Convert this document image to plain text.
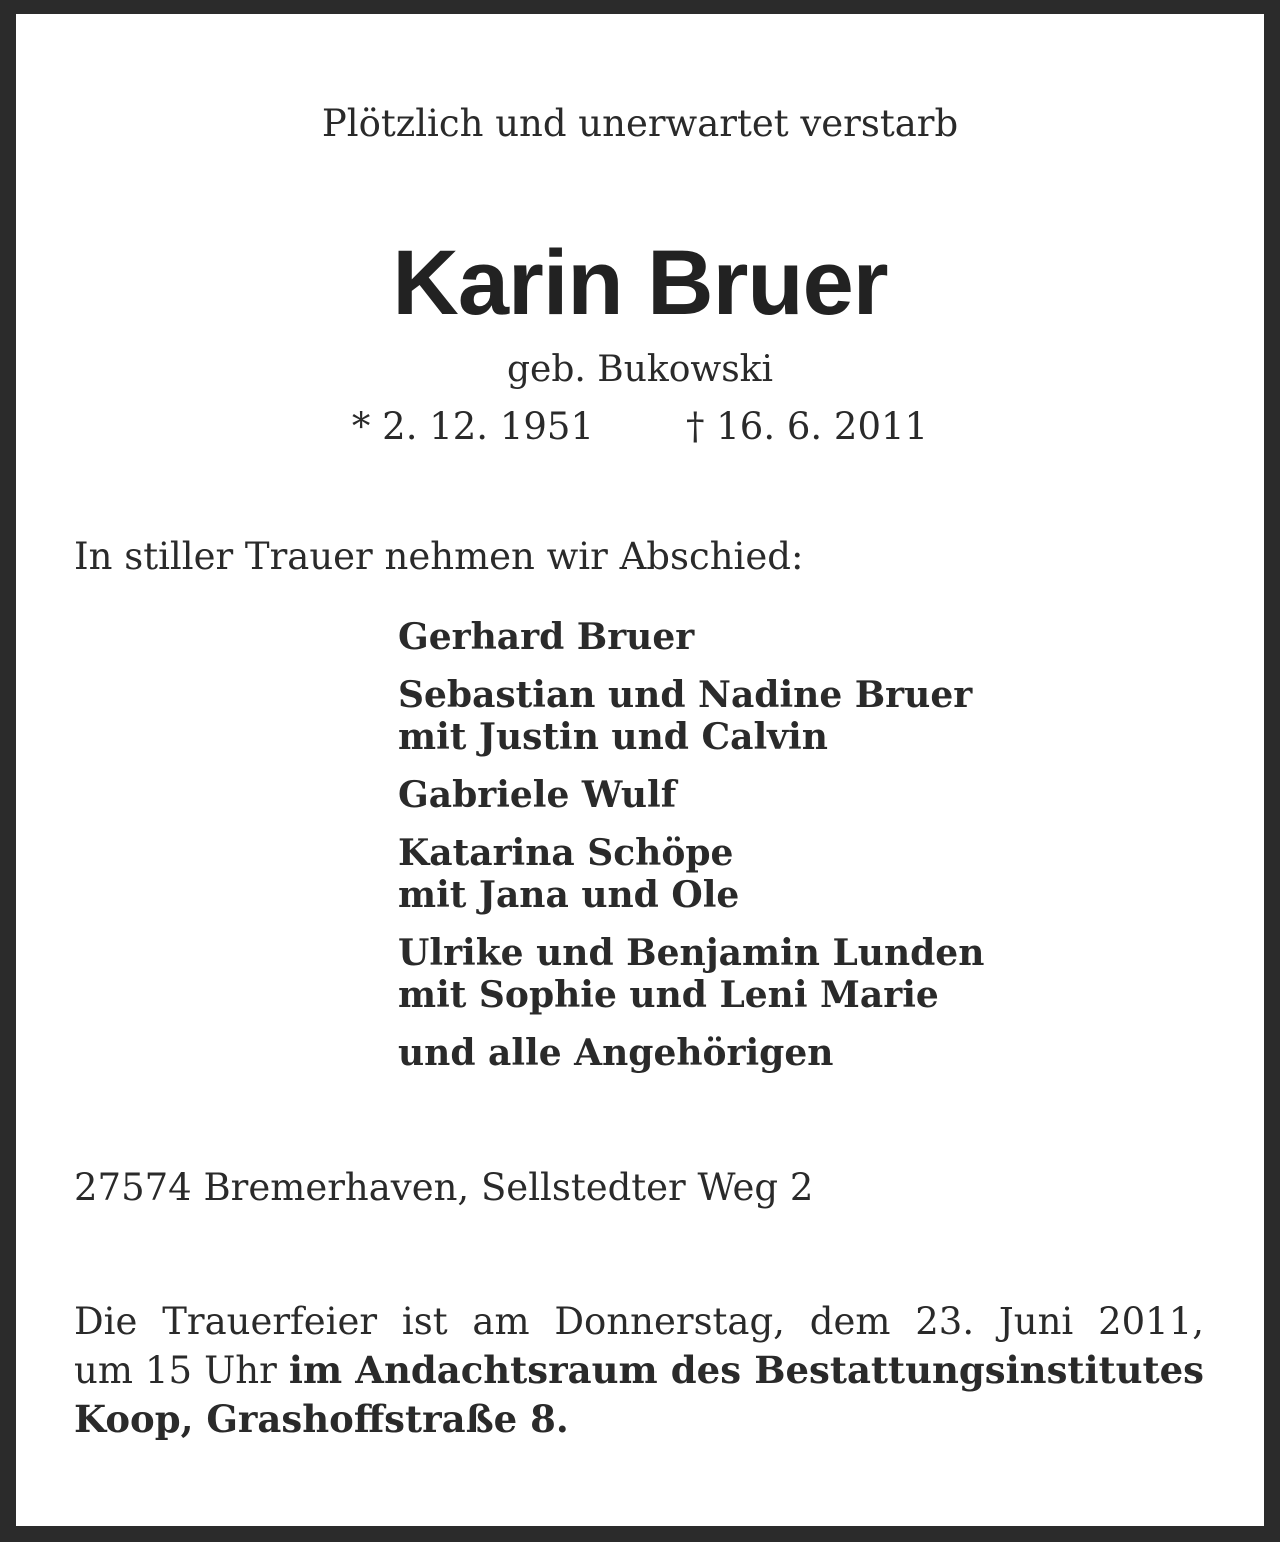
Plötzlich und unerwartet verstarb
Karin Bruer
geb. Bukowski
* 2. 12. 1951 † 16. 6. 2011
In stiller Trauer nehmen wir Abschied:
Gerhard Bruer
Sebastian und Nadine Bruer
mit Justin und Calvin
Gabriele Wulf
Katarina Schöpe
mit Jana und Ole
Ulrike und Benjamin Lunden
mit Sophie und Leni Marie
und alle Angehörigen
27574 Bremerhaven, Sellstedter Weg 2
Die Trauerfeier ist am Donnerstag, dem 23. Juni 2011,
um 15 Uhr im Andachtsraum des Bestattungsinstitutes
Koop, Grashoffstraße 8.
